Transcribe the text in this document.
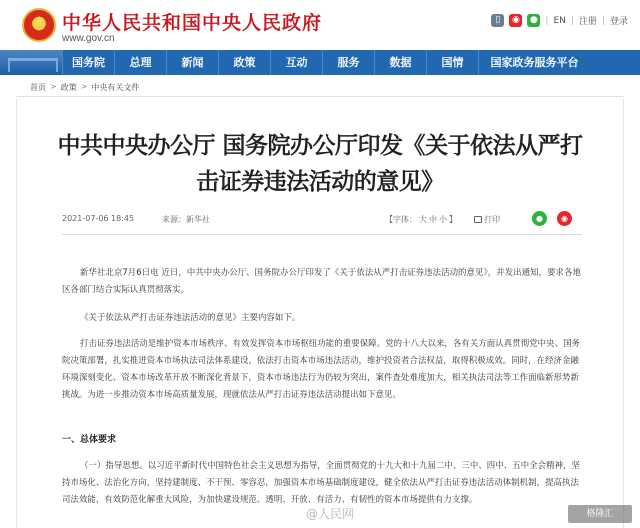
★
中华人民共和国中央人民政府
www.gov.cn
▯	◉ ● | EN | 注册 | 登录
国务院	总理	新闻	政策	互动	服务	数据	国情	国家政务服务平台
首页 > 政策 > 中央有关文件
中共中央办公厅 国务院办公厅印发《关于依法从严打击证券违法活动的意见》
2021-07-06 18:45	来源：新华社	【字体： 大 中 小 】	打印	●	◉
新华社北京7月6日电 近日，中共中央办公厅、国务院办公厅印发了《关于依法从严打击证券违法活动的意见》，并发出通知，要求各地区各部门结合实际认真贯彻落实。
《关于依法从严打击证券违法活动的意见》主要内容如下。
打击证券违法活动是维护资本市场秩序、有效发挥资本市场枢纽功能的重要保障。党的十八大以来，各有关方面认真贯彻党中央、国务院决策部署，扎实推进资本市场执法司法体系建设，依法打击资本市场违法活动，维护投资者合法权益，取得积极成效。同时，在经济金融环境深刻变化、资本市场改革开放不断深化背景下，资本市场违法行为仍较为突出，案件查处难度加大，相关执法司法等工作面临新形势新挑战。为进一步推动资本市场高质量发展，现就依法从严打击证券违法活动提出如下意见。
一、总体要求
（一）指导思想。以习近平新时代中国特色社会主义思想为指导，全面贯彻党的十九大和十九届二中、三中、四中、五中全会精神，坚持市场化、法治化方向，坚持建制度、不干预、零容忍，加强资本市场基础制度建设，健全依法从严打击证券违法活动体制机制，提高执法司法效能，有效防范化解重大风险，为加快建设规范、透明、开放、有活力、有韧性的资本市场提供有力支撑。
@人民网	格隆汇
